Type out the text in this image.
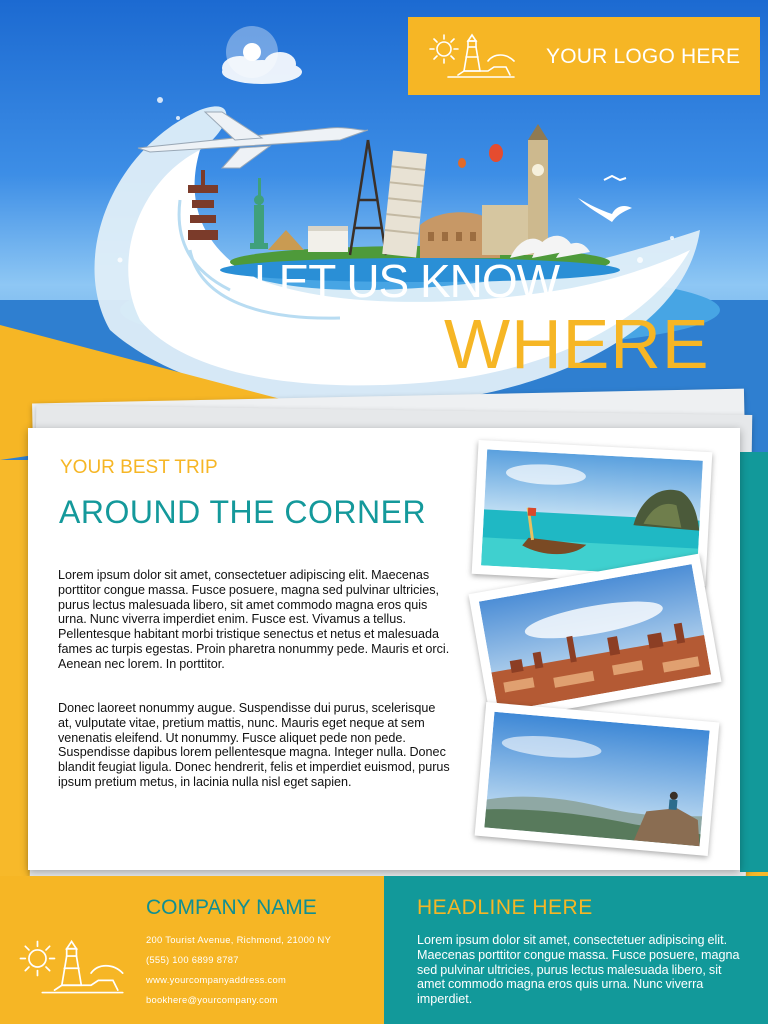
YOUR LOGO HERE
LET US KNOW
WHERE
YOUR BEST TRIP
AROUND THE CORNER

Lorem ipsum dolor sit amet, consectetuer adipiscing elit. Maecenas porttitor congue massa. Fusce posuere, magna sed pulvinar ultricies, purus lectus malesuada libero, sit amet commodo magna eros quis urna. Nunc viverra imperdiet enim. Fusce est. Vivamus a tellus. Pellentesque habitant morbi tristique senectus et netus et malesuada fames ac turpis egestas. Proin pharetra nonummy pede. Mauris et orci. Aenean nec lorem. In porttitor.

Donec laoreet nonummy augue. Suspendisse dui purus, scelerisque at, vulputate vitae, pretium mattis, nunc. Mauris eget neque at sem venenatis eleifend. Ut nonummy. Fusce aliquet pede non pede. Suspendisse dapibus lorem pellentesque magna. Integer nulla. Donec blandit feugiat ligula. Donec hendrerit, felis et imperdiet euismod, purus ipsum pretium metus, in lacinia nulla nisl eget sapien.

COMPANY NAME
200 Tourist Avenue, Richmond, 21000 NY
(555) 100 6899 8787
www.yourcompanyaddress.com
bookhere@yourcompany.com
HEADLINE HERE

Lorem ipsum dolor sit amet, consectetuer adipiscing elit. Maecenas porttitor congue massa. Fusce posuere, magna sed pulvinar ultricies, purus lectus malesuada libero, sit amet commodo magna eros quis urna. Nunc viverra imperdiet.
